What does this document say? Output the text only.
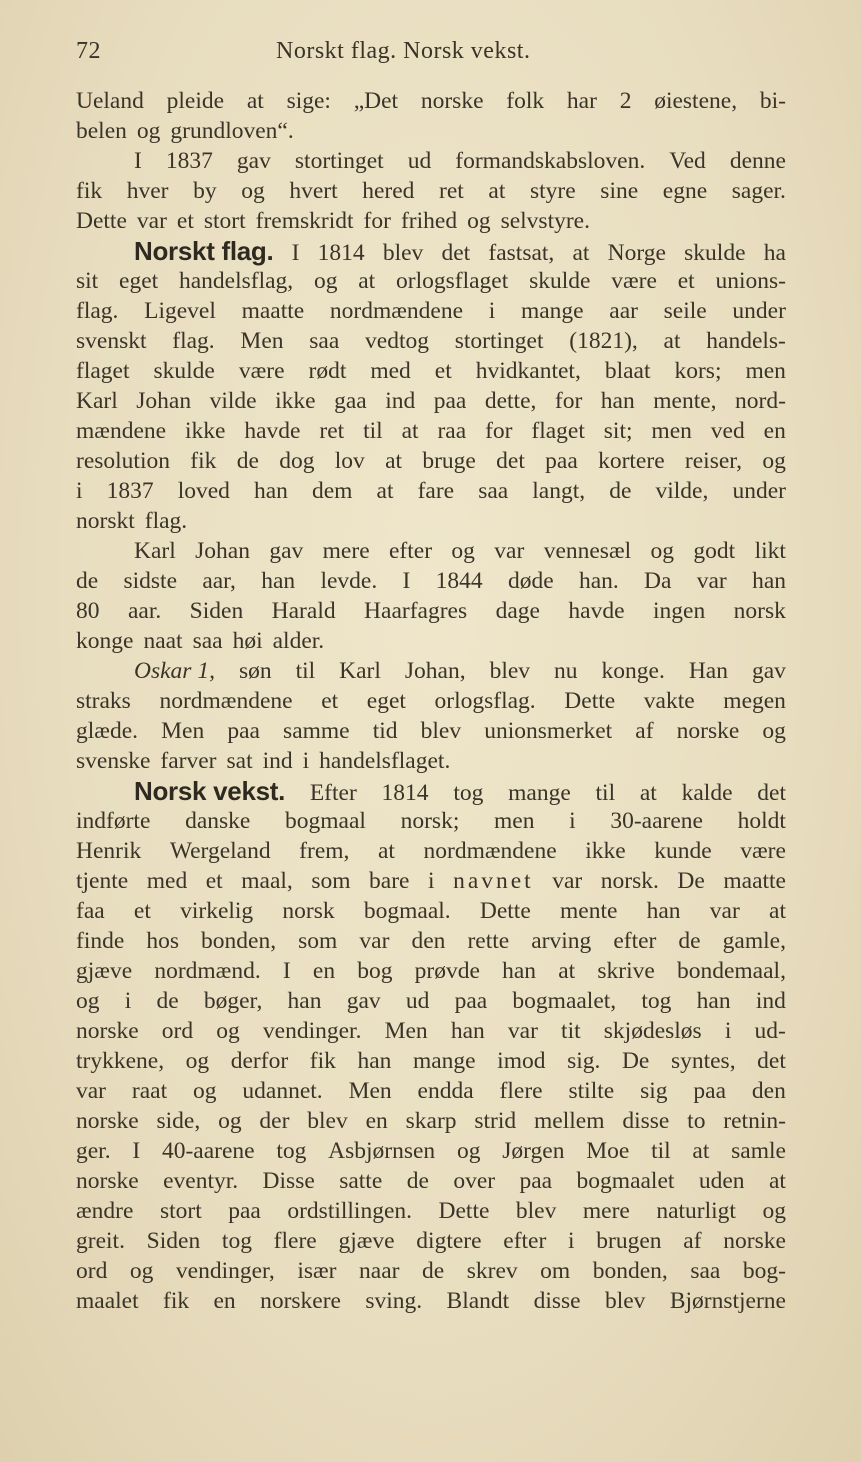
72	Norskt flag. Norsk vekst.
Ueland pleide at sige: „Det norske folk har 2 øiestene, bi-
belen og grundloven“.
I 1837 gav stortinget ud formandskabsloven. Ved denne
fik hver by og hvert hered ret at styre sine egne sager.
Dette var et stort fremskridt for frihed og selvstyre.
Norskt flag. I 1814 blev det fastsat, at Norge skulde ha
sit eget handelsflag, og at orlogsflaget skulde være et unions-
flag. Ligevel maatte nordmændene i mange aar seile under
svenskt flag. Men saa vedtog stortinget (1821), at handels-
flaget skulde være rødt med et hvidkantet, blaat kors; men
Karl Johan vilde ikke gaa ind paa dette, for han mente, nord-
mændene ikke havde ret til at raa for flaget sit; men ved en
resolution fik de dog lov at bruge det paa kortere reiser, og
i 1837 loved han dem at fare saa langt, de vilde, under
norskt flag.
Karl Johan gav mere efter og var vennesæl og godt likt
de sidste aar, han levde. I 1844 døde han. Da var han
80 aar. Siden Harald Haarfagres dage havde ingen norsk
konge naat saa høi alder.
Oskar 1, søn til Karl Johan, blev nu konge. Han gav
straks nordmændene et eget orlogsflag. Dette vakte megen
glæde. Men paa samme tid blev unionsmerket af norske og
svenske farver sat ind i handelsflaget.
Norsk vekst. Efter 1814 tog mange til at kalde det
indførte danske bogmaal norsk; men i 30-aarene holdt
Henrik Wergeland frem, at nordmændene ikke kunde være
tjente med et maal, som bare i navnet var norsk. De maatte
faa et virkelig norsk bogmaal. Dette mente han var at
finde hos bonden, som var den rette arving efter de gamle,
gjæve nordmænd. I en bog prøvde han at skrive bondemaal,
og i de bøger, han gav ud paa bogmaalet, tog han ind
norske ord og vendinger. Men han var tit skjødesløs i ud-
trykkene, og derfor fik han mange imod sig. De syntes, det
var raat og udannet. Men endda flere stilte sig paa den
norske side, og der blev en skarp strid mellem disse to retnin-
ger. I 40-aarene tog Asbjørnsen og Jørgen Moe til at samle
norske eventyr. Disse satte de over paa bogmaalet uden at
ændre stort paa ordstillingen. Dette blev mere naturligt og
greit. Siden tog flere gjæve digtere efter i brugen af norske
ord og vendinger, især naar de skrev om bonden, saa bog-
maalet fik en norskere sving. Blandt disse blev Bjørnstjerne
